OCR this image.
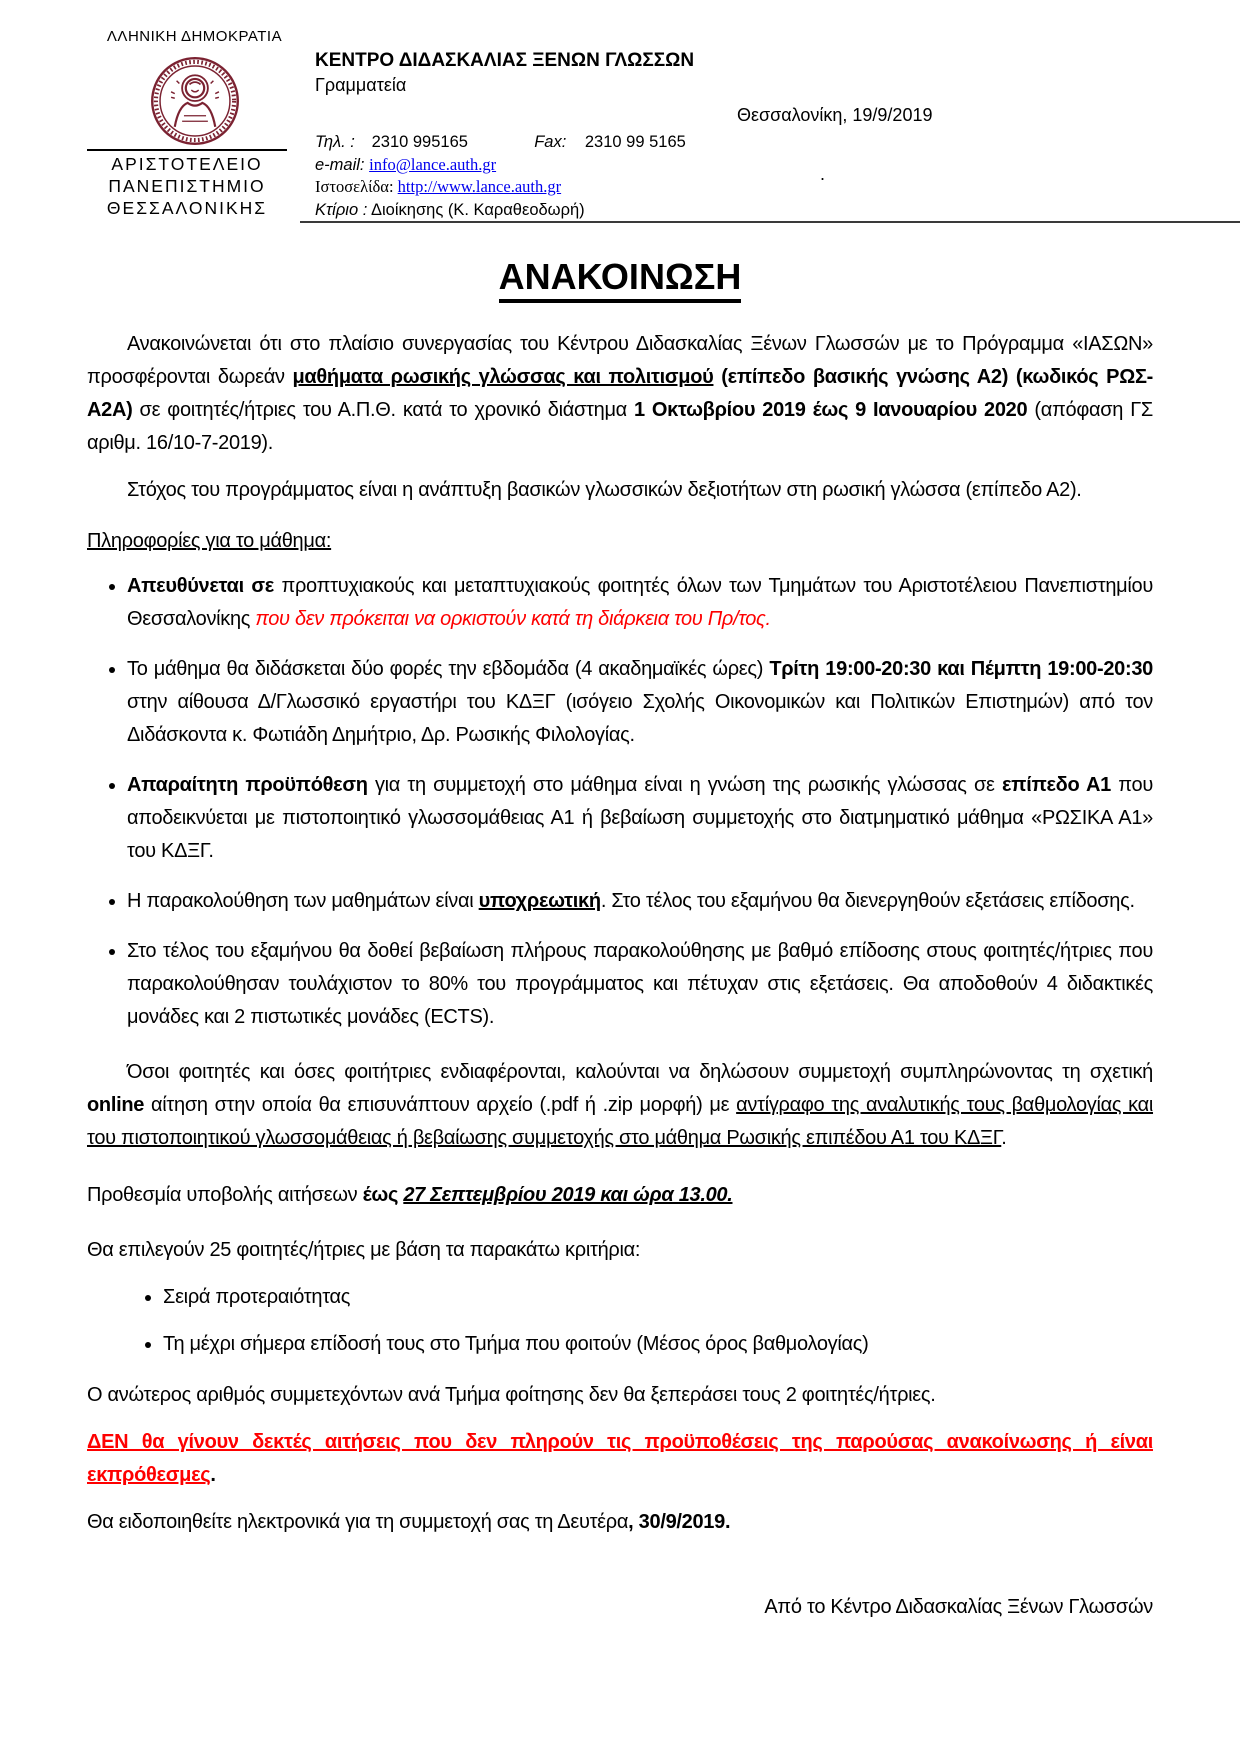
ΛΛΗΝΙΚΗ ΔΗΜΟΚΡΑΤΙΑ
ΑΡΙΣΤΟΤΕΛΕΙΟ
ΠΑΝΕΠΙΣΤΗΜΙΟ
ΘΕΣΣΑΛΟΝΙΚΗΣ
ΚΕΝΤΡΟ ΔΙΔΑΣΚΑΛΙΑΣ ΞΕΝΩΝ ΓΛΩΣΣΩΝ
Γραμματεία
Θεσσαλονίκη, 19/9/2019
Τηλ. : 2310 995165	Fax: 2310 99 5165
e-mail: info@lance.auth.gr
Ιστοσελίδα: http://www.lance.auth.gr
Κτίριο : Διοίκησης (Κ. Καραθεοδωρή)
.
ΑΝΑΚΟΙΝΩΣΗ

Ανακοινώνεται ότι στο πλαίσιο συνεργασίας του Κέντρου Διδασκαλίας Ξένων Γλωσσών με το Πρόγραμμα «ΙΑΣΩΝ» προσφέρονται δωρεάν μαθήματα ρωσικής γλώσσας και πολιτισμού (επίπεδο βασικής γνώσης Α2) (κωδικός ΡΩΣ-Α2Α) σε φοιτητές/ήτριες του Α.Π.Θ. κατά το χρονικό διάστημα 1 Οκτωβρίου 2019 έως 9 Ιανουαρίου 2020 (απόφαση ΓΣ αριθμ. 16/10-7-2019).

Στόχος του προγράμματος είναι η ανάπτυξη βασικών γλωσσικών δεξιοτήτων στη ρωσική γλώσσα (επίπεδο Α2).

Πληροφορίες για το μάθημα:

• Απευθύνεται σε προπτυχιακούς και μεταπτυχιακούς φοιτητές όλων των Τμημάτων του Αριστοτέλειου Πανεπιστημίου Θεσσαλονίκης που δεν πρόκειται να ορκιστούν κατά τη διάρκεια του Πρ/τος.
• Το μάθημα θα διδάσκεται δύο φορές την εβδομάδα (4 ακαδημαϊκές ώρες) Τρίτη 19:00-20:30 και Πέμπτη 19:00-20:30 στην αίθουσα Δ/Γλωσσικό εργαστήρι του ΚΔΞΓ (ισόγειο Σχολής Οικονομικών και Πολιτικών Επιστημών) από τον Διδάσκοντα κ. Φωτιάδη Δημήτριο, Δρ. Ρωσικής Φιλολογίας.
• Απαραίτητη προϋπόθεση για τη συμμετοχή στο μάθημα είναι η γνώση της ρωσικής γλώσσας σε επίπεδο Α1 που αποδεικνύεται με πιστοποιητικό γλωσσομάθειας Α1 ή βεβαίωση συμμετοχής στο διατμηματικό μάθημα «ΡΩΣΙΚΑ Α1» του ΚΔΞΓ.
• Η παρακολούθηση των μαθημάτων είναι υποχρεωτική. Στο τέλος του εξαμήνου θα διενεργηθούν εξετάσεις επίδοσης.
• Στο τέλος του εξαμήνου θα δοθεί βεβαίωση πλήρους παρακολούθησης με βαθμό επίδοσης στους φοιτητές/ήτριες που παρακολούθησαν τουλάχιστον το 80% του προγράμματος και πέτυχαν στις εξετάσεις. Θα αποδοθούν 4 διδακτικές μονάδες και 2 πιστωτικές μονάδες (ECTS).

Όσοι φοιτητές και όσες φοιτήτριες ενδιαφέρονται, καλούνται να δηλώσουν συμμετοχή συμπληρώνοντας τη σχετική online αίτηση στην οποία θα επισυνάπτουν αρχείο (.pdf ή .zip μορφή) με αντίγραφο της αναλυτικής τους βαθμολογίας και του πιστοποιητικού γλωσσομάθειας ή βεβαίωσης συμμετοχής στο μάθημα Ρωσικής επιπέδου Α1 του ΚΔΞΓ.

Προθεσμία υποβολής αιτήσεων έως 27 Σεπτεμβρίου 2019 και ώρα 13.00.

Θα επιλεγούν 25 φοιτητές/ήτριες με βάση τα παρακάτω κριτήρια:

• Σειρά προτεραιότητας
• Τη μέχρι σήμερα επίδοσή τους στο Τμήμα που φοιτούν (Μέσος όρος βαθμολογίας)

Ο ανώτερος αριθμός συμμετεχόντων ανά Τμήμα φοίτησης δεν θα ξεπεράσει τους 2 φοιτητές/ήτριες.

ΔΕΝ θα γίνουν δεκτές αιτήσεις που δεν πληρούν τις προϋποθέσεις της παρούσας ανακοίνωσης ή είναι εκπρόθεσμες.

Θα ειδοποιηθείτε ηλεκτρονικά για τη συμμετοχή σας τη Δευτέρα, 30/9/2019.

Από το Κέντρο Διδασκαλίας Ξένων Γλωσσών
